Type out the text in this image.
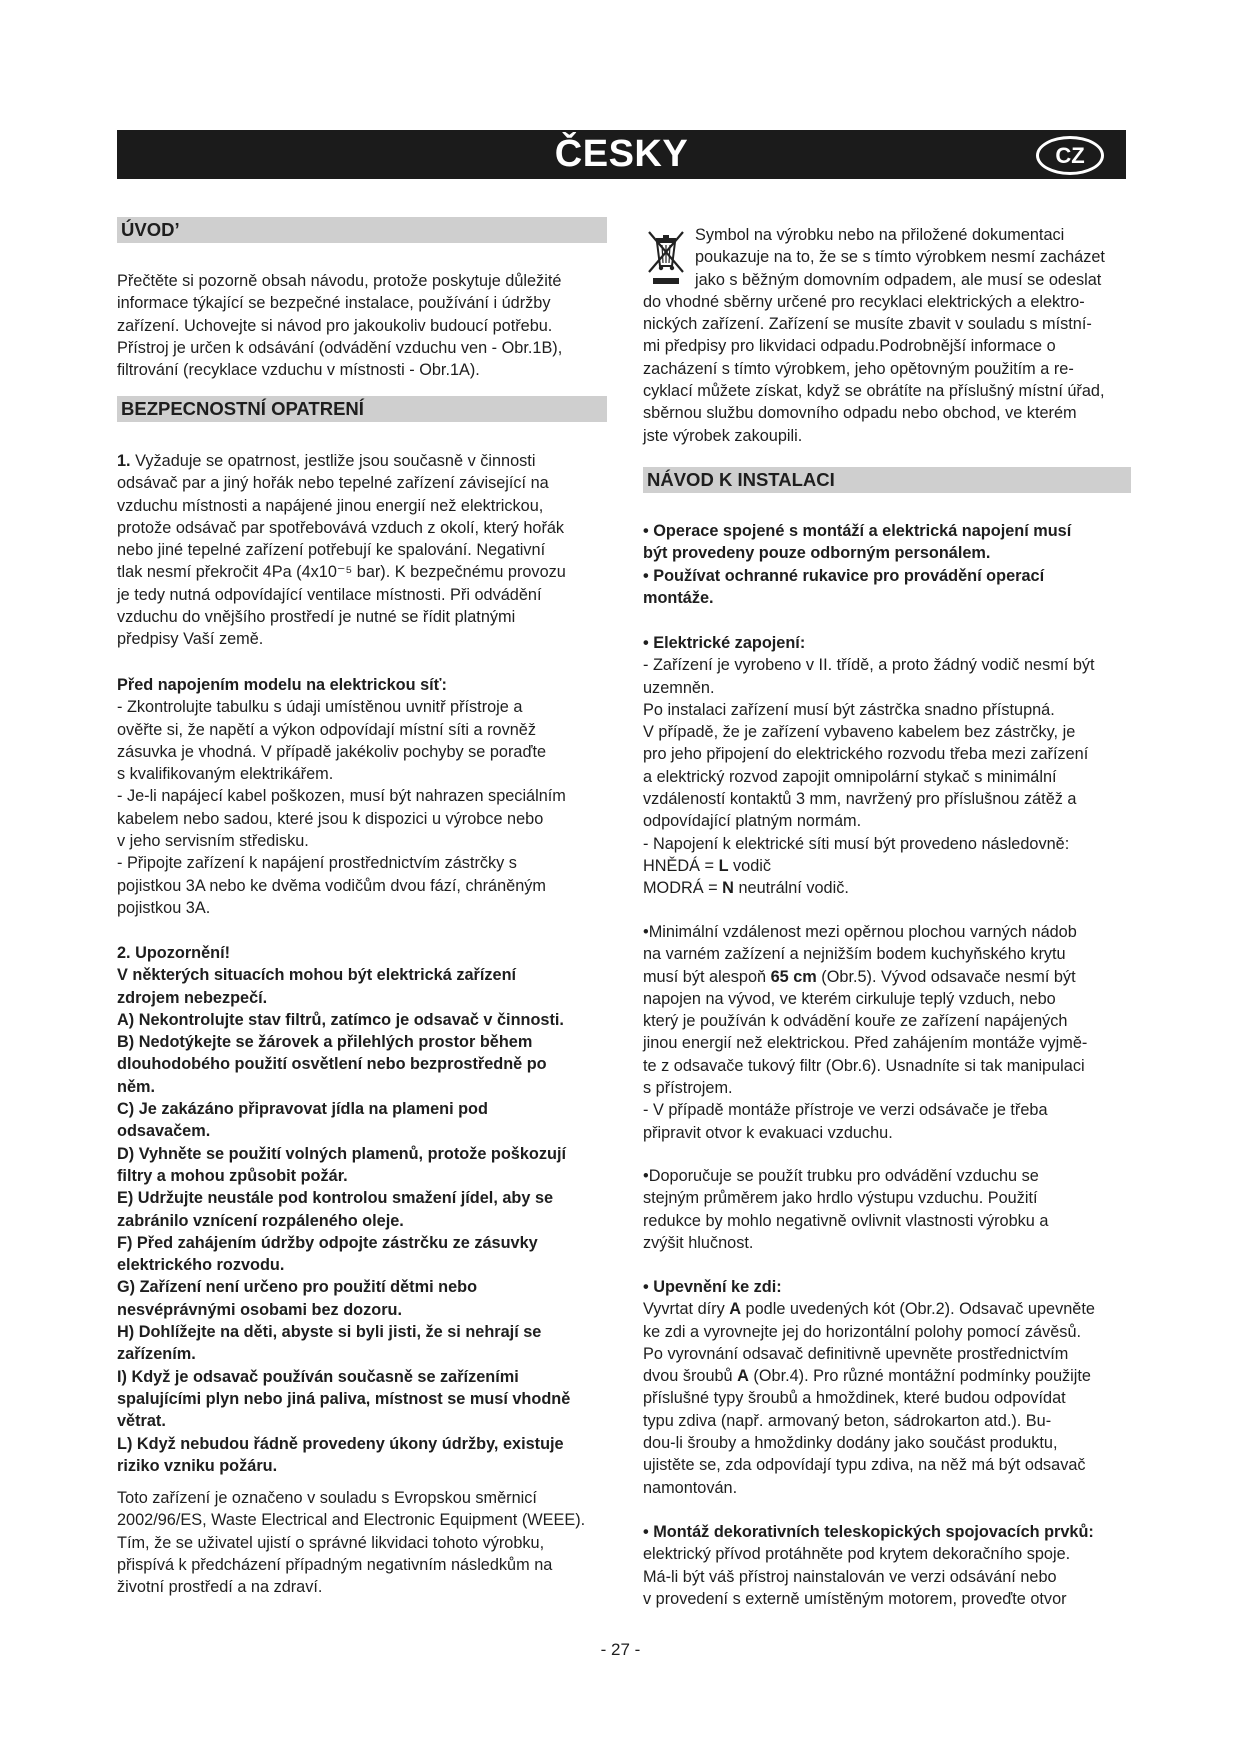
ČESKY	CZ
ÚVOD’

Přečtěte si pozorně obsah návodu, protože poskytuje důležité

informace týkající se bezpečné instalace, používání i údržby

zařízení. Uchovejte si návod pro jakoukoliv budoucí potřebu.

Přístroj je určen k odsávání (odvádění vzduchu ven - Obr.1B),

filtrování (recyklace vzduchu v místnosti - Obr.1A).

BEZPECNOSTNÍ OPATRENÍ

1. Vyžaduje se opatrnost, jestliže jsou současně v činnosti

odsávač par a jiný hořák nebo tepelné zařízení závisející na

vzduchu místnosti a napájené jinou energií než elektrickou,

protože odsávač par spotřebovává vzduch z okolí, který hořák

nebo jiné tepelné zařízení potřebují ke spalování. Negativní

tlak nesmí překročit 4Pa (4x10⁻⁵ bar). K bezpečnému provozu

je tedy nutná odpovídající ventilace místnosti. Při odvádění

vzduchu do vnějšího prostředí je nutné se řídit platnými

předpisy Vaší země.

Před napojením modelu na elektrickou síť:

- Zkontrolujte tabulku s údaji umístěnou uvnitř přístroje a

ověřte si, že napětí a výkon odpovídají místní síti a rovněž

zásuvka je vhodná. V případě jakékoliv pochyby se poraďte

s kvalifikovaným elektrikářem.

- Je-li napájecí kabel poškozen, musí být nahrazen speciálním

kabelem nebo sadou, které jsou k dispozici u výrobce nebo

v jeho servisním středisku.

- Připojte zařízení k napájení prostřednictvím zástrčky s

pojistkou 3A nebo ke dvěma vodičům dvou fází, chráněným

pojistkou 3A.

2. Upozornění!

V některých situacích mohou být elektrická zařízení

zdrojem nebezpečí.

A) Nekontrolujte stav filtrů, zatímco je odsavač v činnosti.

B) Nedotýkejte se žárovek a přilehlých prostor během

dlouhodobého použití osvětlení nebo bezprostředně po

něm.

C) Je zakázáno připravovat jídla na plameni pod

odsavačem.

D) Vyhněte se použití volných plamenů, protože poškozují

filtry a mohou způsobit požár.

E) Udržujte neustále pod kontrolou smažení jídel, aby se

zabránilo vznícení rozpáleného oleje.

F) Před zahájením údržby odpojte zástrčku ze zásuvky

elektrického rozvodu.

G) Zařízení není určeno pro použití dětmi nebo

nesvéprávnými osobami bez dozoru.

H) Dohlížejte na děti, abyste si byli jisti, že si nehrají se

zařízením.

I) Když je odsavač používán současně se zařízeními

spalujícími plyn nebo jiná paliva, místnost se musí vhodně

větrat.

L) Když nebudou řádně provedeny úkony údržby, existuje

riziko vzniku požáru.

Toto zařízení je označeno v souladu s Evropskou směrnicí

2002/96/ES, Waste Electrical and Electronic Equipment (WEEE).

Tím, že se uživatel ujistí o správné likvidaci tohoto výrobku,

přispívá k předcházení případným negativním následkům na

životní prostředí a na zdraví.

Symbol na výrobku nebo na přiložené dokumentaci

poukazuje na to, že se s tímto výrobkem nesmí zacházet

jako s běžným domovním odpadem, ale musí se odeslat

do vhodné sběrny určené pro recyklaci elektrických a elektro-

nických zařízení. Zařízení se musíte zbavit v souladu s místní-

mi předpisy pro likvidaci odpadu.Podrobnější informace o

zacházení s tímto výrobkem, jeho opětovným použitím a re-

cyklací můžete získat, když se obrátíte na příslušný místní úřad,

sběrnou službu domovního odpadu nebo obchod, ve kterém

jste výrobek zakoupili.

NÁVOD K INSTALACI

• Operace spojené s montáží a elektrická napojení musí

být provedeny pouze odborným personálem.

• Používat ochranné rukavice pro provádění operací

montáže.

• Elektrické zapojení:

- Zařízení je vyrobeno v II. třídě, a proto žádný vodič nesmí být

uzemněn.

Po instalaci zařízení musí být zástrčka snadno přístupná.

V případě, že je zařízení vybaveno kabelem bez zástrčky, je

pro jeho připojení do elektrického rozvodu třeba mezi zařízení

a elektrický rozvod zapojit omnipolární stykač s minimální

vzdáleností kontaktů 3 mm, navržený pro příslušnou zátěž a

odpovídající platným normám.

- Napojení k elektrické síti musí být provedeno následovně:

HNĚDÁ = L vodič

MODRÁ = N neutrální vodič.

•Minimální vzdálenost mezi opěrnou plochou varných nádob

na varném zažízení a nejnižším bodem kuchyňského krytu

musí být alespoň 65 cm (Obr.5). Vývod odsavače nesmí být

napojen na vývod, ve kterém cirkuluje teplý vzduch, nebo

který je používán k odvádění kouře ze zařízení napájených

jinou energií než elektrickou. Před zahájením montáže vyjmě-

te z odsavače tukový filtr (Obr.6). Usnadníte si tak manipulaci

s přístrojem.

- V případě montáže přístroje ve verzi odsávače je třeba

připravit otvor k evakuaci vzduchu.

•Doporučuje se použít trubku pro odvádění vzduchu se

stejným průměrem jako hrdlo výstupu vzduchu. Použití

redukce by mohlo negativně ovlivnit vlastnosti výrobku a

zvýšit hlučnost.

• Upevnění ke zdi:

Vyvrtat díry A podle uvedených kót (Obr.2). Odsavač upevněte

ke zdi a vyrovnejte jej do horizontální polohy pomocí závěsů.

Po vyrovnání odsavač definitivně upevněte prostřednictvím

dvou šroubů A (Obr.4). Pro různé montážní podmínky použijte

příslušné typy šroubů a hmoždinek, které budou odpovídat

typu zdiva (např. armovaný beton, sádrokarton atd.). Bu-

dou-li šrouby a hmoždinky dodány jako součást produktu,

ujistěte se, zda odpovídají typu zdiva, na něž má být odsavač

namontován.

• Montáž dekorativních teleskopických spojovacích prvků:

elektrický přívod protáhněte pod krytem dekoračního spoje.

Má-li být váš přístroj nainstalován ve verzi odsávání nebo

v provedení s externě umístěným motorem, proveďte otvor

- 27 -
